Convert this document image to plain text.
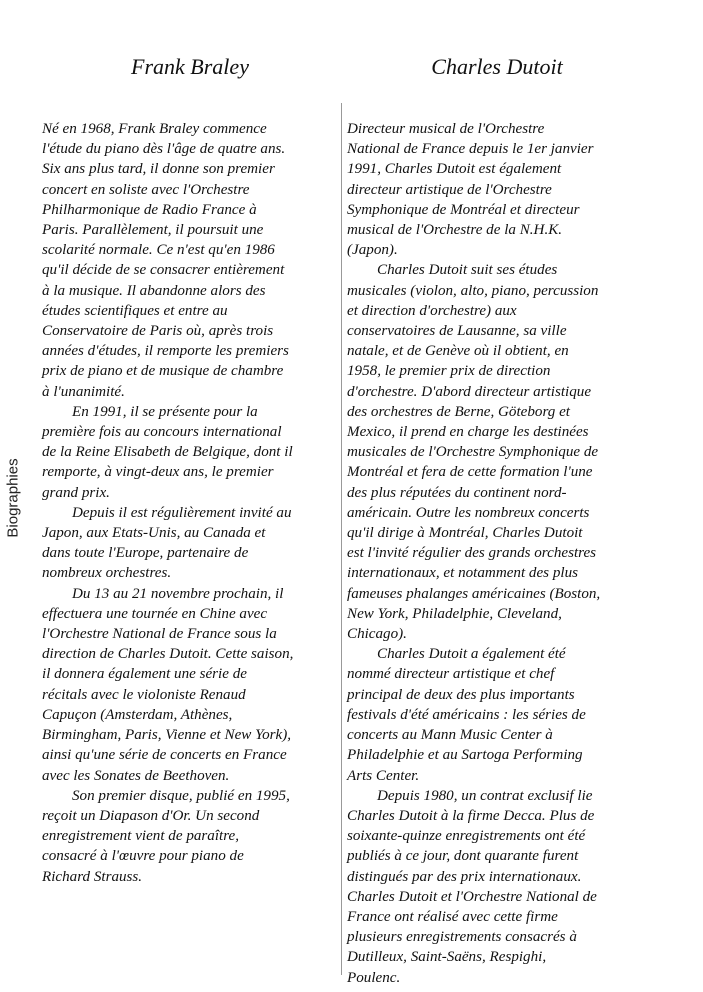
Biographies
Frank Braley

Né en 1968, Frank Braley commence
l'étude du piano dès l'âge de quatre ans.
Six ans plus tard, il donne son premier
concert en soliste avec l'Orchestre
Philharmonique de Radio France à
Paris. Parallèlement, il poursuit une
scolarité normale. Ce n'est qu'en 1986
qu'il décide de se consacrer entièrement
à la musique. Il abandonne alors des
études scientifiques et entre au
Conservatoire de Paris où, après trois
années d'études, il remporte les premiers
prix de piano et de musique de chambre
à l'unanimité.

En 1991, il se présente pour la
première fois au concours international
de la Reine Elisabeth de Belgique, dont il
remporte, à vingt-deux ans, le premier
grand prix.

Depuis il est régulièrement invité au
Japon, aux Etats-Unis, au Canada et
dans toute l'Europe, partenaire de
nombreux orchestres.

Du 13 au 21 novembre prochain, il
effectuera une tournée en Chine avec
l'Orchestre National de France sous la
direction de Charles Dutoit. Cette saison,
il donnera également une série de
récitals avec le violoniste Renaud
Capuçon (Amsterdam, Athènes,
Birmingham, Paris, Vienne et New York),
ainsi qu'une série de concerts en France
avec les Sonates de Beethoven.

Son premier disque, publié en 1995,
reçoit un Diapason d'Or. Un second
enregistrement vient de paraître,
consacré à l'œuvre pour piano de
Richard Strauss.

Charles Dutoit

Directeur musical de l'Orchestre
National de France depuis le 1er janvier
1991, Charles Dutoit est également
directeur artistique de l'Orchestre
Symphonique de Montréal et directeur
musical de l'Orchestre de la N.H.K.
(Japon).

Charles Dutoit suit ses études
musicales (violon, alto, piano, percussion
et direction d'orchestre) aux
conservatoires de Lausanne, sa ville
natale, et de Genève où il obtient, en
1958, le premier prix de direction
d'orchestre. D'abord directeur artistique
des orchestres de Berne, Göteborg et
Mexico, il prend en charge les destinées
musicales de l'Orchestre Symphonique de
Montréal et fera de cette formation l'une
des plus réputées du continent nord-
américain. Outre les nombreux concerts
qu'il dirige à Montréal, Charles Dutoit
est l'invité régulier des grands orchestres
internationaux, et notamment des plus
fameuses phalanges américaines (Boston,
New York, Philadelphie, Cleveland,
Chicago).

Charles Dutoit a également été
nommé directeur artistique et chef
principal de deux des plus importants
festivals d'été américains : les séries de
concerts au Mann Music Center à
Philadelphie et au Sartoga Performing
Arts Center.

Depuis 1980, un contrat exclusif lie
Charles Dutoit à la firme Decca. Plus de
soixante-quinze enregistrements ont été
publiés à ce jour, dont quarante furent
distingués par des prix internationaux.
Charles Dutoit et l'Orchestre National de
France ont réalisé avec cette firme
plusieurs enregistrements consacrés à
Dutilleux, Saint-Saëns, Respighi,
Poulenc.
